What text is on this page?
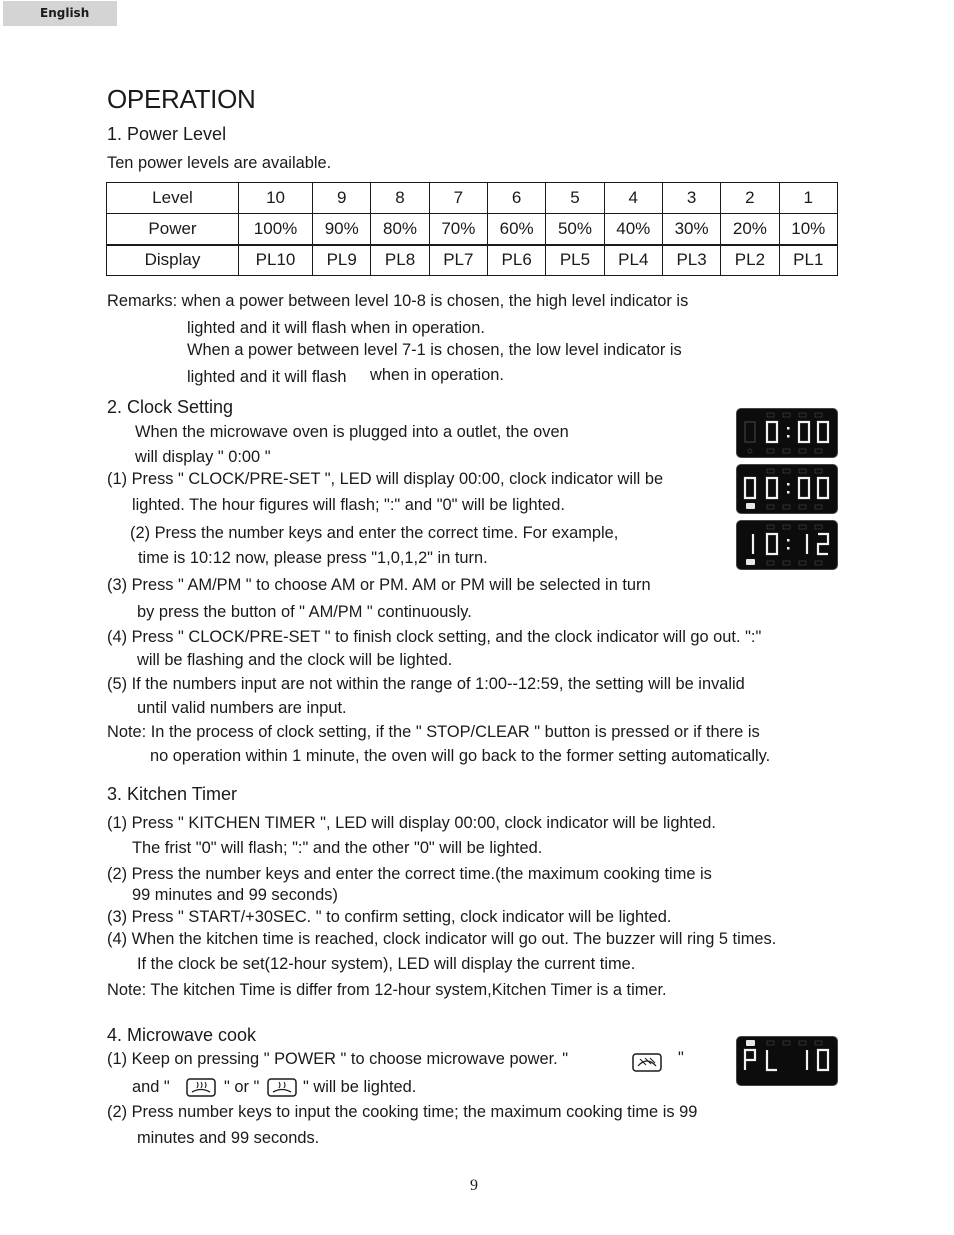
English
OPERATION
1. Power Level
Ten power levels are available.
Level	10	9	8	7	6	5	4	3	2	1
Power	100%	90%	80%	70%	60%	50%	40%	30%	20%	10%
Display	PL10	PL9	PL8	PL7	PL6	PL5	PL4	PL3	PL2	PL1
Remarks: when a power between level 10-8 is chosen, the high level indicator is
lighted and it will flash when in operation.
When a power between level 7-1 is chosen, the low level indicator is
lighted and it will flash when in operation.
2. Clock Setting
When the microwave oven is plugged into a outlet, the oven
will display " 0:00 "
(1) Press " CLOCK/PRE-SET ", LED will display 00:00, clock indicator will be
lighted. The hour figures will flash; ":" and "0" will be lighted.
(2) Press the number keys and enter the correct time. For example,
time is 10:12 now, please press "1,0,1,2" in turn.
(3) Press " AM/PM " to choose AM or PM. AM or PM will be selected in turn
by press the button of " AM/PM " continuously.
(4) Press " CLOCK/PRE-SET " to finish clock setting, and the clock indicator will go out. ":"
will be flashing and the clock will be lighted.
(5) If the numbers input are not within the range of 1:00--12:59, the setting will be invalid
until valid numbers are input.
Note: In the process of clock setting, if the " STOP/CLEAR " button is pressed or if there is
no operation within 1 minute, the oven will go back to the former setting automatically.
3. Kitchen Timer
(1) Press " KITCHEN TIMER ", LED will display 00:00, clock indicator will be lighted.
The frist "0" will flash; ":" and the other "0" will be lighted.
(2) Press the number keys and enter the correct time.(the maximum cooking time is
99 minutes and 99 seconds)
(3) Press " START/+30SEC. " to confirm setting, clock indicator will be lighted.
(4) When the kitchen time is reached, clock indicator will go out. The buzzer will ring 5 times.
If the clock be set(12-hour system), LED will display the current time.
Note: The kitchen Time is differ from 12-hour system,Kitchen Timer is a timer.
4. Microwave cook
(1) Keep on pressing " POWER " to choose microwave power. "	"
and "	" or "	" will be lighted.
(2) Press number keys to input the cooking time; the maximum cooking time is 99
minutes and 99 seconds.
9
